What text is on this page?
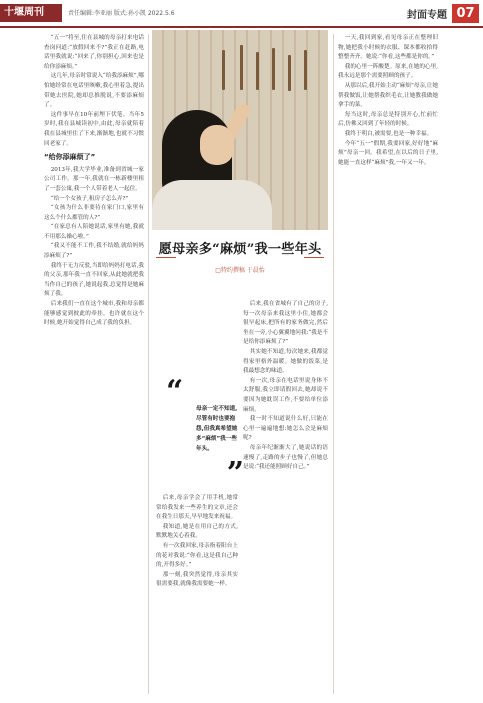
十堰周刊	责任编辑:李亚丽 版式:孙小凯 2022.5.6	封面专题 07

“五一”将至,住在县城的母亲打来电话查岗问道:“放假回来不?”我正在赶路,电话里我就说:“回来了,你别担心,回来也是给你添麻烦。”

这几年,母亲时常说入“给我添麻烦”,哪怕她经常在电话里咳嗽,我心里着急,提出带她去医院,她却总推脱说,不要添麻烦了。

这件事早在10年前埋下伏笔。当年5岁时,我在县城读初中,由此,母亲就陪着我在县城里住了下来,渐渐地,也就不习惯回老家了。

“给你添麻烦了”

2013年,我大学毕业,准备到省城一家公司工作。那一年,我就在一栋新楼里租了一套公寓,我一个人带着老人一起住。

“给一个女孩子,租房子怎么弄?”

“女孩为什么非要待在家门口,家里有这么个什么都管的人?”

“在家总有人陪她说话,家里有她,我就不用那么操心啦。”

“我又不能不工作,我不结婚,就给妈妈添麻烦了?”

我终于无力反驳,当即给妈妈打电话,我的父亲,那年我一直不回家,从此她就把我当作自己的孩子,她说起我,总觉得是她麻烦了我。

后来我们一直在这个城市,我和母亲都能够感觉到彼此的牵挂。也许就在这个时候,她开始觉得自己成了我的负担。

愿母亲多“麻烦”我一些年头
□特约撰稿 于晨怡
“ 母亲一定不知道,尽管有时也要抱怨,但我真希望她多“麻烦”我一些年头。
”

后来,我在省城有了自己的房子,每一次母亲来我这里小住,她都会很早起床,把所有的家务做完,然后坐在一旁,小心翼翼地问我:“我是不是给你添麻烦了?”

其实她不知道,每次她来,我都觉得家里格外温暖。她做的饭菜,是我最想念的味道。

有一次,母亲在电话里说身体不太舒服,我立即请假回去,她却说不要因为她耽误工作,不要给单位添麻烦。

我一时不知道说什么好,只能在心里一遍遍地想:她怎么会是麻烦呢?

母亲年纪渐渐大了,她说话的语速慢了,走路的步子也慢了,但她总是说:“我还能照顾好自己。”

后来,母亲学会了用手机,她常常给我发来一些养生的文章,还会在我生日那天,早早地发来祝福。

我知道,她是在用自己的方式,默默地关心着我。

有一次我回家,母亲指着阳台上的花对我说:“你看,这是我自己种的,开得多好。”

那一刻,我突然觉得,母亲其实很需要我,就像我需要她一样。

一天,我回到家,看见母亲正在整理旧物,她把我小时候的衣服、课本都收拾得整整齐齐。她说:“你看,这些都是你的。”

我的心里一阵酸楚。原来,在她的心里,我永远是那个需要照顾的孩子。

从那以后,我开始主动“麻烦”母亲,让她帮我做饭,让她帮我织毛衣,让她教我做她拿手的菜。

每当这时,母亲总是特别开心,忙前忙后,仿佛又回到了年轻的时候。

我终于明白,被需要,也是一种幸福。

今年“五一”假期,我要回家,好好地“麻烦”母亲一回。我希望,在以后的日子里,她能一直这样“麻烦”我,一年又一年。
